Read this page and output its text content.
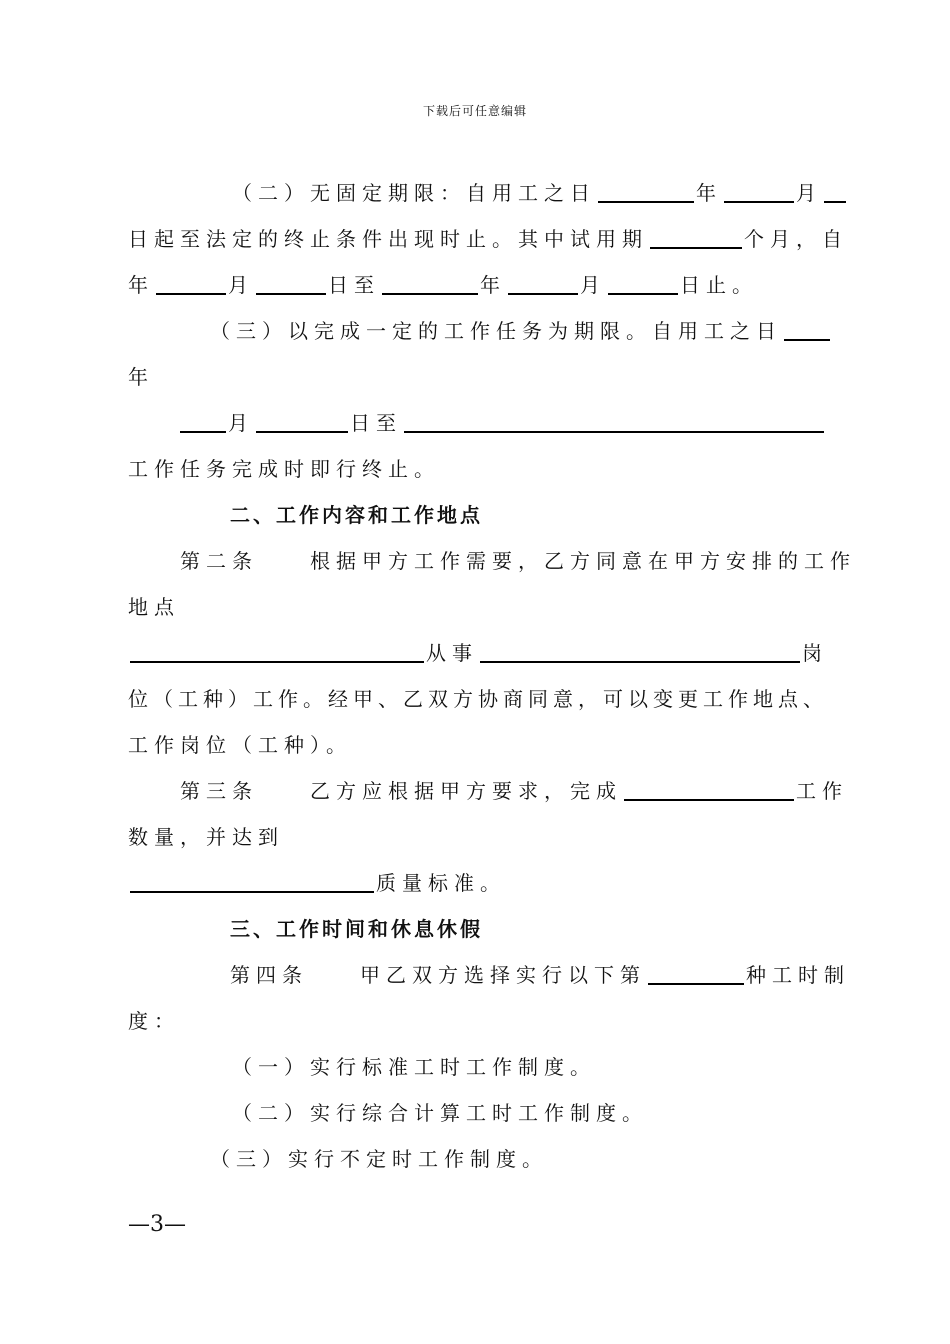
下载后可任意编辑
（二）无固定期限：自用工之日	年	月
日起至法定的终止条件出现时止。其中试用期	个月，自
年	月	日至	年	月	日止。
（三）以完成一定的工作任务为期限。自用工之日
年
月	日至
工作任务完成时即行终止。
二、工作内容和工作地点
第二条　　根据甲方工作需要，乙方同意在甲方安排的工作
地点
从事	岗
位（工种）工作。经甲、乙双方协商同意，可以变更工作地点、
工作岗位（工种）。
第三条　　乙方应根据甲方要求，完成	工作
数量，并达到
质量标准。
三、工作时间和休息休假
第四条　　甲乙双方选择实行以下第	种工时制
度：
（一）实行标准工时工作制度。
（二）实行综合计算工时工作制度。
（三）实行不定时工作制度。
—3—
